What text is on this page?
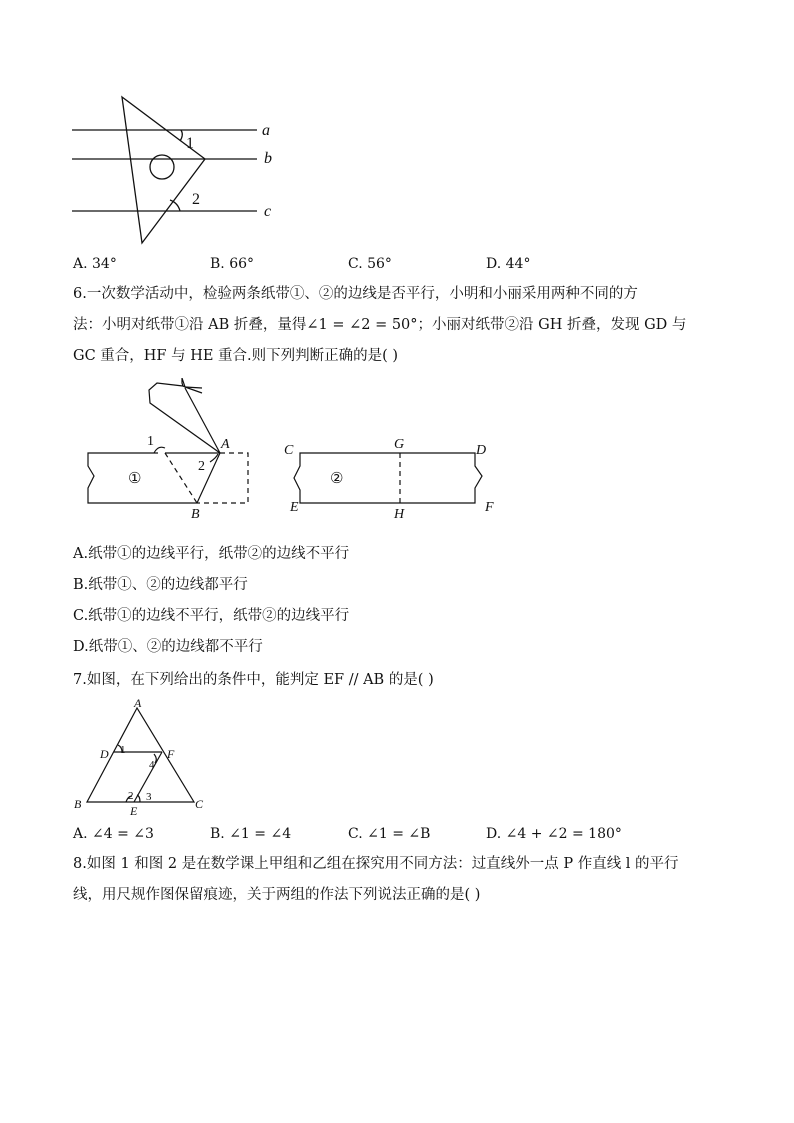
1
2
a
b
c
A. 34°	B. 66°	C. 56°	D. 44°
6.一次数学活动中，检验两条纸带①、②的边线是否平行，小明和小丽采用两种不同的方
法：小明对纸带①沿 AB 折叠，量得∠1 = ∠2 = 50°；小丽对纸带②沿 GH 折叠，发现 GD 与
GC 重合，HF 与 HE 重合.则下列判断正确的是( )
1
2
A
B
①
C	G	D
E	H	F
②
A.纸带①的边线平行，纸带②的边线不平行
B.纸带①、②的边线都平行
C.纸带①的边线不平行，纸带②的边线平行
D.纸带①、②的边线都不平行
7.如图，在下列给出的条件中，能判定 EF // AB 的是( )
A
D	F
B	C
E
1
4
2 3
A. ∠4 = ∠3	B. ∠1 = ∠4	C. ∠1 = ∠B	D. ∠4 + ∠2 = 180°
8.如图 1 和图 2 是在数学课上甲组和乙组在探究用不同方法：过直线外一点 P 作直线 l 的平行
线，用尺规作图保留痕迹，关于两组的作法下列说法正确的是( )
